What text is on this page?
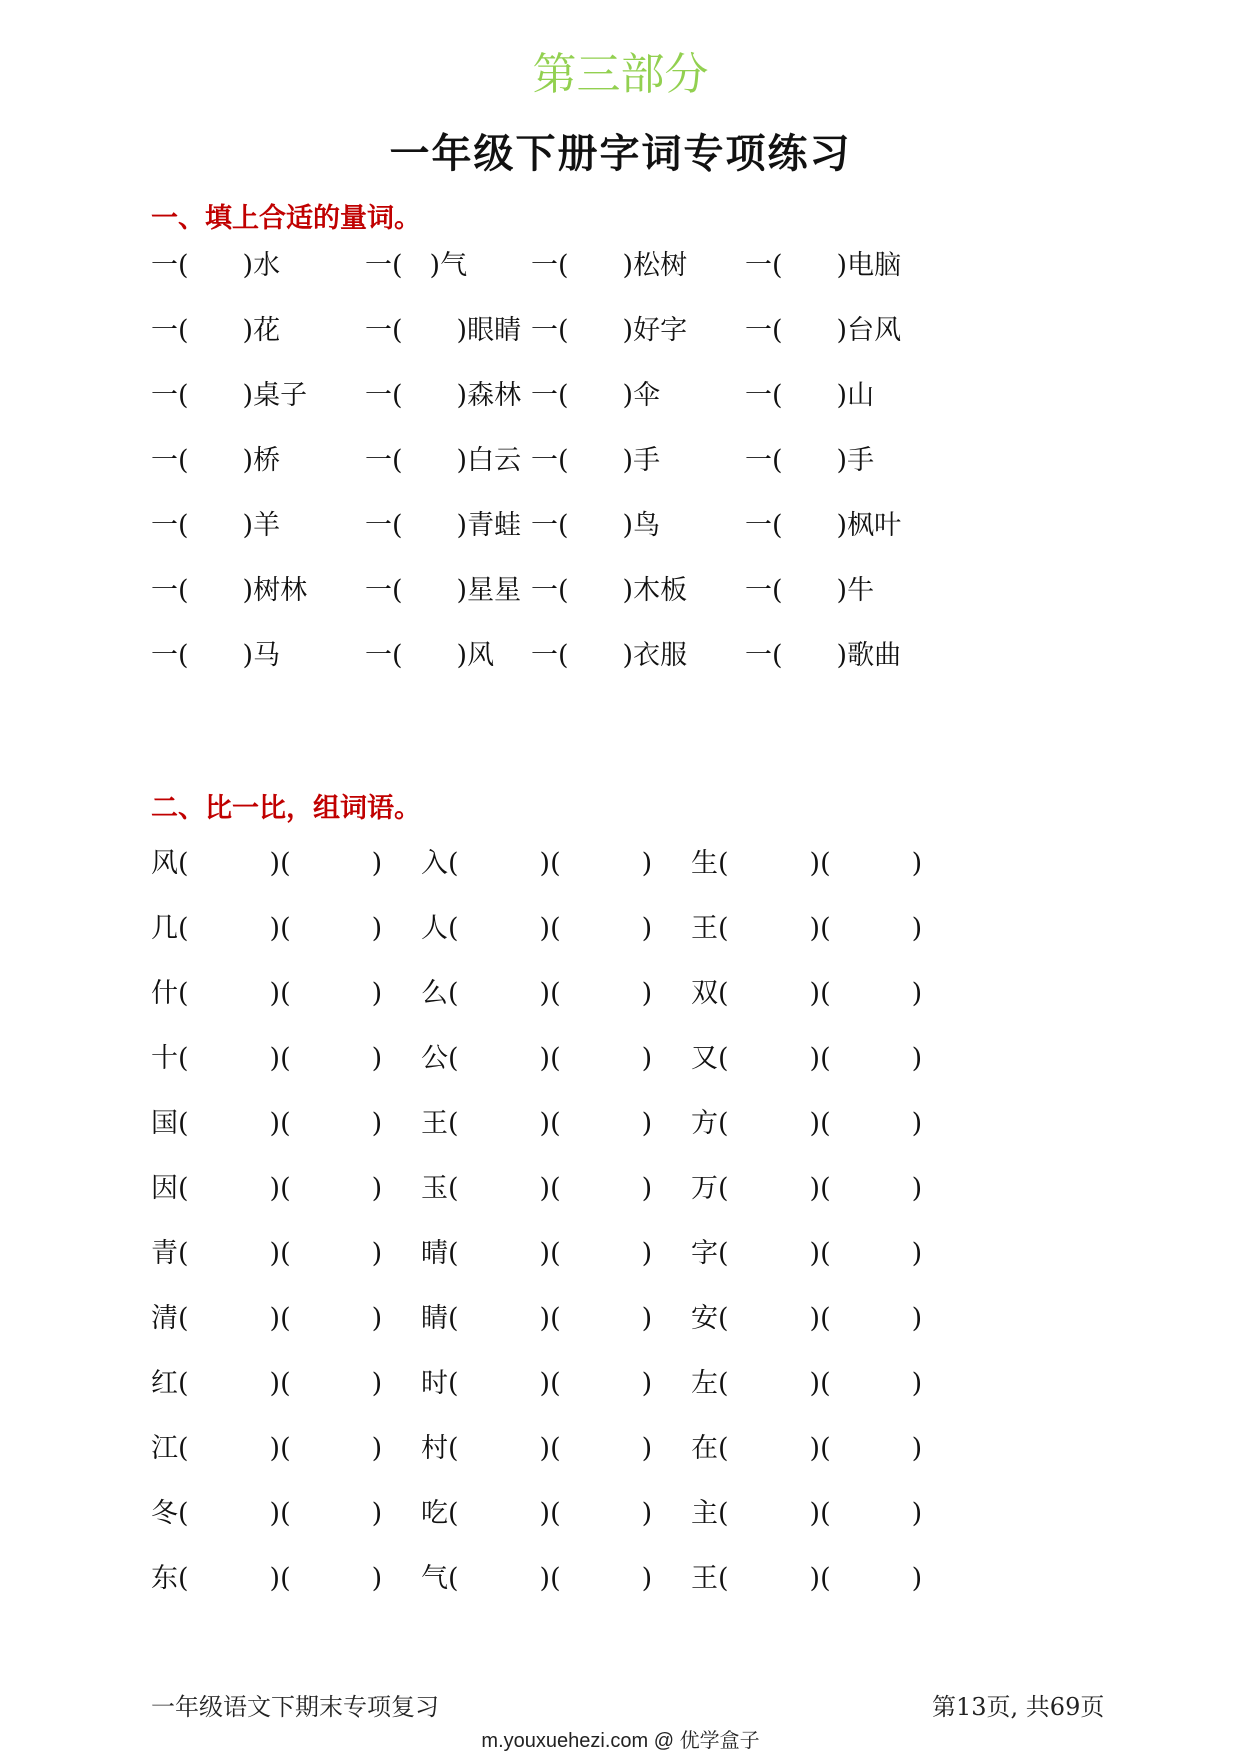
第三部分
一年级下册字词专项练习
一、填上合适的量词。
一(　　)水	一(　)气 一(　　)松树 一(　　)电脑
一(　　)花	一(　　)眼睛 一(　　)好字 一(　　)台风
一(　　)桌子 一(　　)森林 一(　　)伞	一(　　)山
一(　　)桥	一(　　)白云 一(　　)手	一(　　)手
一(　　)羊	一(　　)青蛙 一(　　)鸟	一(　　)枫叶
一(　　)树林 一(　　)星星 一(　　)木板 一(　　)牛
一(　　)马	一(　　)风 一(　　)衣服 一(　　)歌曲
二、比一比，组词语。
风(　　　)(　　　) 入(　　　)(　　　) 生(　　　)(　　　)
几(　　　)(　　　) 人(　　　)(　　　) 王(　　　)(　　　)
什(　　　)(　　　) 么(　　　)(　　　) 双(　　　)(　　　)
十(　　　)(　　　) 公(　　　)(　　　) 又(　　　)(　　　)
国(　　　)(　　　) 王(　　　)(　　　) 方(　　　)(　　　)
因(　　　)(　　　) 玉(　　　)(　　　) 万(　　　)(　　　)
青(　　　)(　　　) 晴(　　　)(　　　) 字(　　　)(　　　)
清(　　　)(　　　) 睛(　　　)(　　　) 安(　　　)(　　　)
红(　　　)(　　　) 时(　　　)(　　　) 左(　　　)(　　　)
江(　　　)(　　　) 村(　　　)(　　　) 在(　　　)(　　　)
冬(　　　)(　　　) 吃(　　　)(　　　) 主(　　　)(　　　)
东(　　　)(　　　) 气(　　　)(　　　) 王(　　　)(　　　)
一年级语文下期末专项复习	第13页, 共69页
m.youxuehezi.com @ 优学盒子
